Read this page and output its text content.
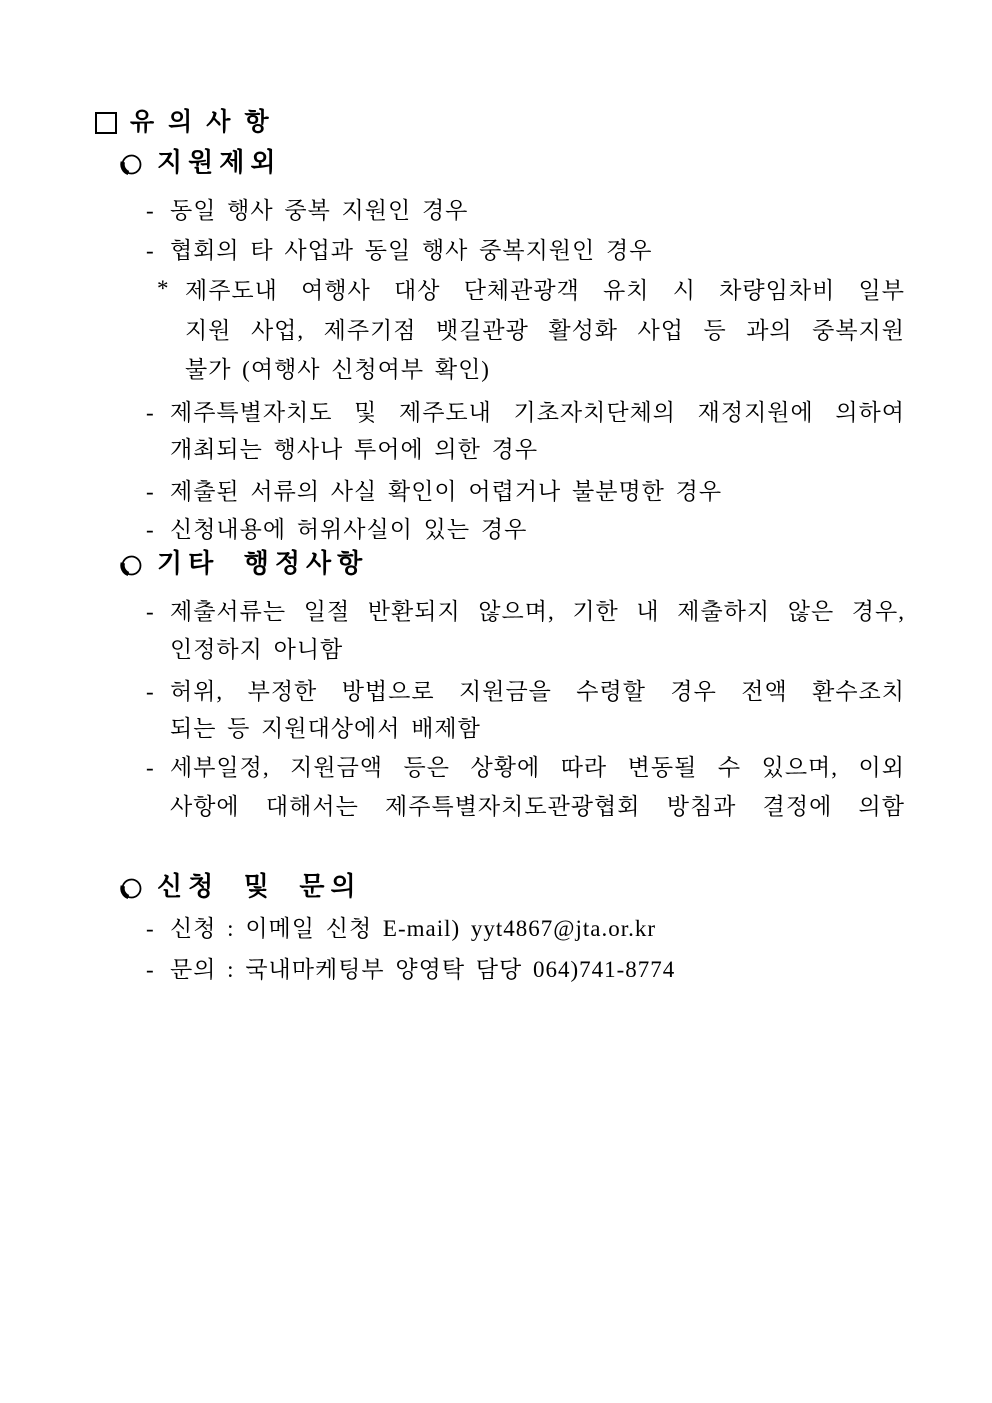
유의사항
지원제외
- 동일 행사 중복 지원인 경우
- 협회의 타 사업과 동일 행사 중복지원인 경우
* 제주도내 여행사 대상 단체관광객 유치 시 차량임차비 일부
지원 사업, 제주기점 뱃길관광 활성화 사업 등 과의 중복지원
불가 (여행사 신청여부 확인)
- 제주특별자치도 및 제주도내 기초자치단체의 재정지원에 의하여
개최되는 행사나 투어에 의한 경우
- 제출된 서류의 사실 확인이 어렵거나 불분명한 경우
- 신청내용에 허위사실이 있는 경우
기타 행정사항
- 제출서류는 일절 반환되지 않으며, 기한 내 제출하지 않은 경우,
인정하지 아니함
- 허위, 부정한 방법으로 지원금을 수령할 경우 전액 환수조치
되는 등 지원대상에서 배제함
- 세부일정, 지원금액 등은 상황에 따라 변동될 수 있으며, 이외
사항에 대해서는 제주특별자치도관광협회 방침과 결정에 의함
신청 및 문의
- 신청 : 이메일 신청 E-mail) yyt4867@jta.or.kr
- 문의 : 국내마케팅부 양영탁 담당 064)741-8774
